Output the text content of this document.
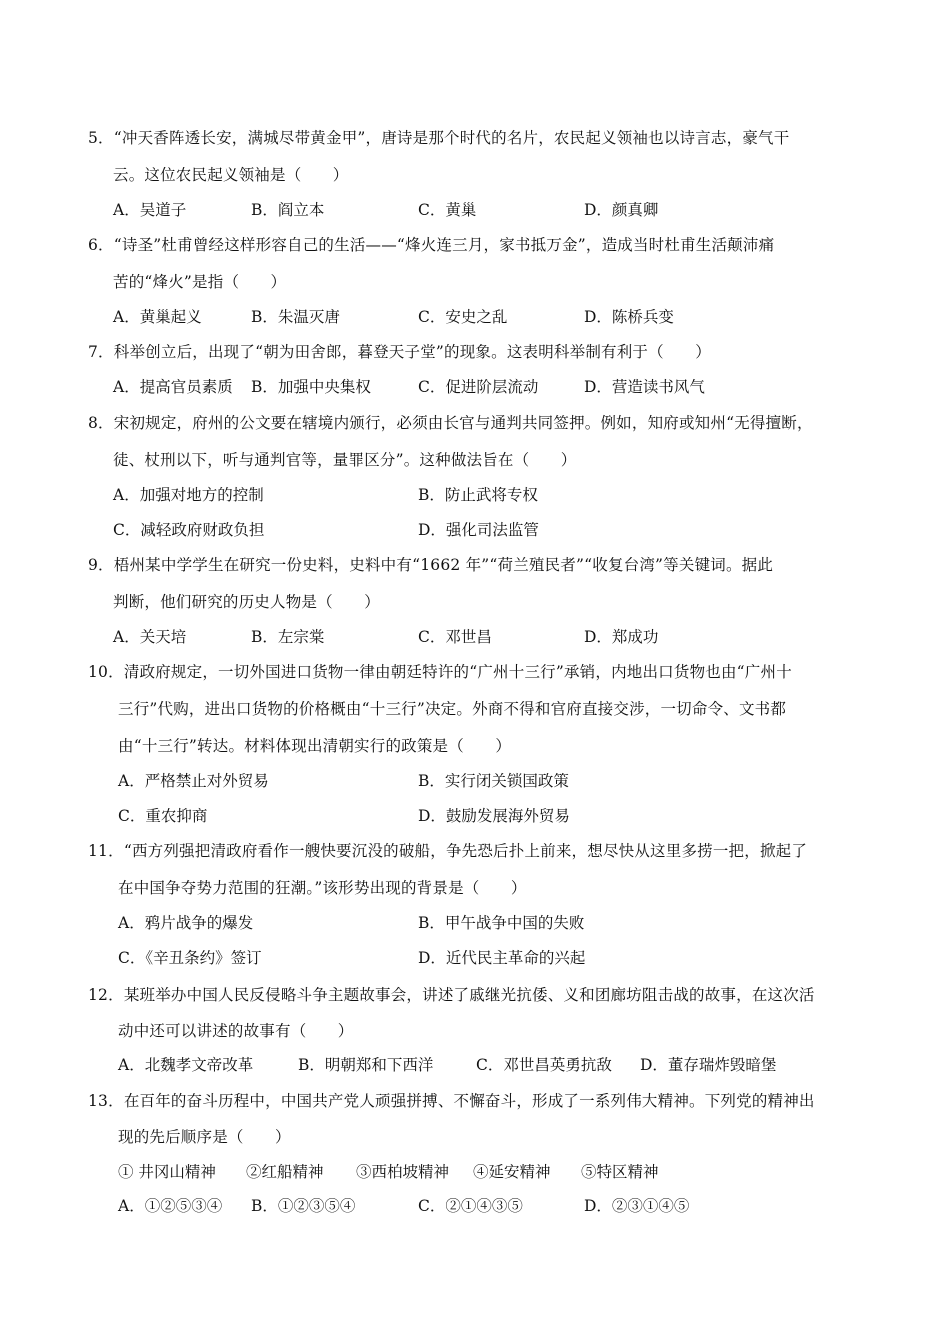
5．“冲天香阵透长安，满城尽带黄金甲”，唐诗是那个时代的名片，农民起义领袖也以诗言志，豪气干
云。这位农民起义领袖是（　　）
A．吴道子	B．阎立本	C．黄巢	D．颜真卿
6．“诗圣”杜甫曾经这样形容自己的生活——“烽火连三月，家书抵万金”，造成当时杜甫生活颠沛痛
苦的“烽火”是指（　　）
A．黄巢起义	B．朱温灭唐	C．安史之乱	D．陈桥兵变
7．科举创立后，出现了“朝为田舍郎，暮登天子堂”的现象。这表明科举制有利于（　　）
A．提高官员素质 B．加强中央集权	C．促进阶层流动	D．营造读书风气
8．宋初规定，府州的公文要在辖境内颁行，必须由长官与通判共同签押。例如，知府或知州“无得擅断，
徒、杖刑以下，听与通判官等，量罪区分”。这种做法旨在（　　）
A．加强对地方的控制	B．防止武将专权
C．减轻政府财政负担	D．强化司法监管
9．梧州某中学学生在研究一份史料，史料中有“1662 年”“荷兰殖民者”“收复台湾”等关键词。据此
判断，他们研究的历史人物是（　　）
A．关天培	B．左宗棠	C．邓世昌	D．郑成功
10．清政府规定，一切外国进口货物一律由朝廷特许的“广州十三行”承销，内地出口货物也由“广州十
三行”代购，进出口货物的价格概由“十三行”决定。外商不得和官府直接交涉，一切命令、文书都
由“十三行”转达。材料体现出清朝实行的政策是（　　）
A．严格禁止对外贸易	B．实行闭关锁国政策
C．重农抑商	D．鼓励发展海外贸易
11．“西方列强把清政府看作一艘快要沉没的破船，争先恐后扑上前来，想尽快从这里多捞一把，掀起了
在中国争夺势力范围的狂潮。”该形势出现的背景是（　　）
A．鸦片战争的爆发	B．甲午战争中国的失败
C．《辛丑条约》签订	D．近代民主革命的兴起
12．某班举办中国人民反侵略斗争主题故事会，讲述了戚继光抗倭、义和团廊坊阻击战的故事，在这次活
动中还可以讲述的故事有（　　）
A．北魏孝文帝改革	B．明朝郑和下西洋	C．邓世昌英勇抗敌 D．董存瑞炸毁暗堡
13．在百年的奋斗历程中，中国共产党人顽强拼搏、不懈奋斗，形成了一系列伟大精神。下列党的精神出
现的先后顺序是（　　）
① 井冈山精神 ②红船精神 ③西柏坡精神 ④延安精神 ⑤特区精神
A．①②⑤③④ B．①②③⑤④	C．②①④③⑤	D．②③①④⑤
